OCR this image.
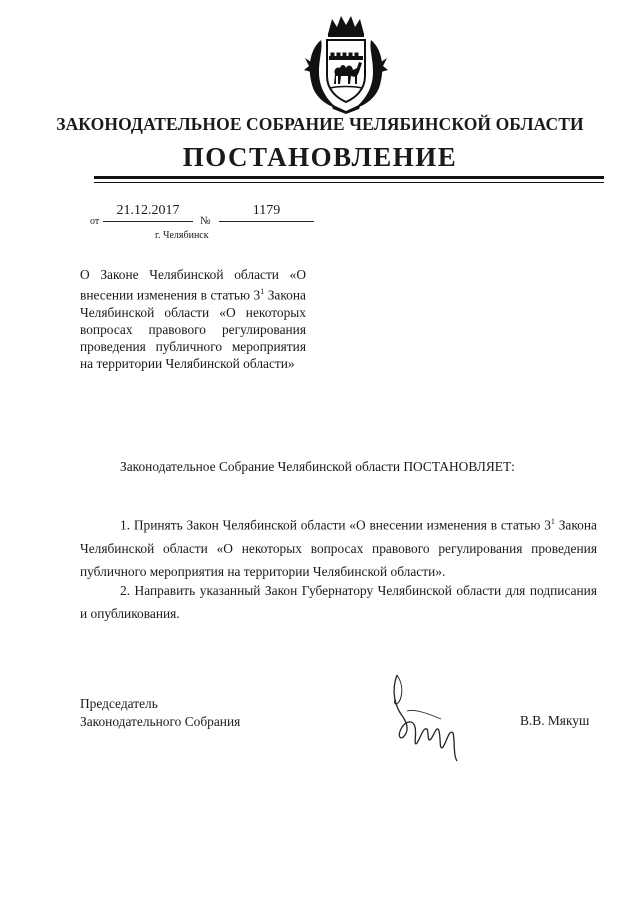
ЗАКОНОДАТЕЛЬНОЕ СОБРАНИЕ ЧЕЛЯБИНСКОЙ ОБЛАСТИ
ПОСТАНОВЛЕНИЕ
от
21.12.2017
№
1179
г. Челябинск
О Законе Челябинской области «О внесении изменения в статью $3^1$ Закона Челябинской области «О некоторых вопросах правового регулирования проведения публичного мероприятия на территории Челябинской области»
Законодательное Собрание Челябинской области ПОСТАНОВЛЯЕТ:
1. Принять Закон Челябинской области «О внесении изменения в статью $3^1$ Закона Челябинской области «О некоторых вопросах правового регулирования проведения публичного мероприятия на территории Челябинской области».
2. Направить указанный Закон Губернатору Челябинской области для подписания и опубликования.
Председатель
Законодательного Собрания	В.В. Мякуш
